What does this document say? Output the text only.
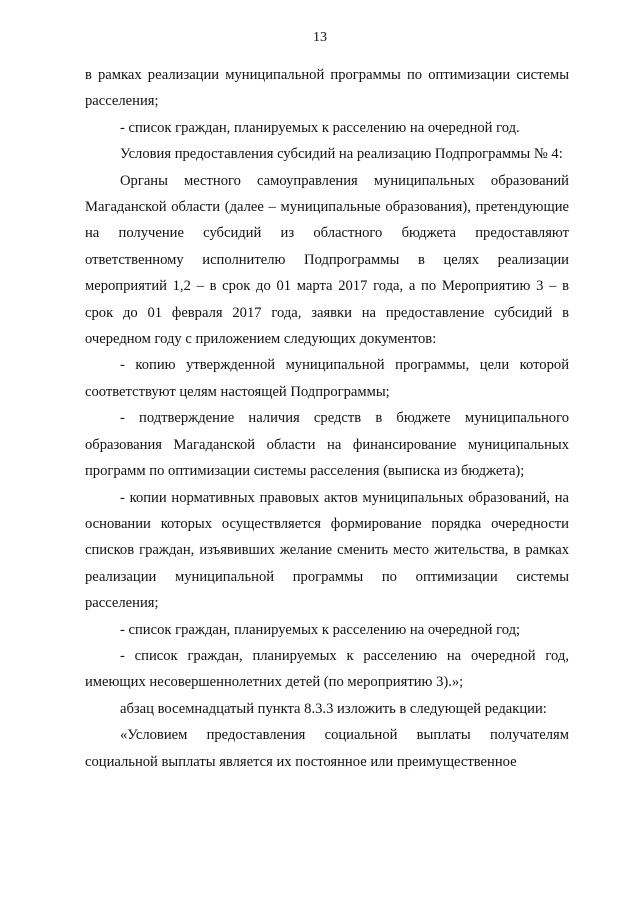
13

в рамках реализации муниципальной программы по оптимизации системы расселения;

- список граждан, планируемых к расселению на очередной год.

Условия предоставления субсидий на реализацию Подпрограммы № 4:

Органы местного самоуправления муниципальных образований Магаданской области (далее – муниципальные образования), претендующие на получение субсидий из областного бюджета предоставляют ответственному исполнителю Подпрограммы в целях реализации мероприятий 1,2 – в срок до 01 марта 2017 года, а по Мероприятию 3 – в срок до 01 февраля 2017 года, заявки на предоставление субсидий в очередном году с приложением следующих документов:

- копию утвержденной муниципальной программы, цели которой соответствуют целям настоящей Подпрограммы;

- подтверждение наличия средств в бюджете муниципального образования Магаданской области на финансирование муниципальных программ по оптимизации системы расселения (выписка из бюджета);

- копии нормативных правовых актов муниципальных образований, на основании которых осуществляется формирование порядка очередности списков граждан, изъявивших желание сменить место жительства, в рамках реализации муниципальной программы по оптимизации системы расселения;

- список граждан, планируемых к расселению на очередной год;

- список граждан, планируемых к расселению на очередной год, имеющих несовершеннолетних детей (по мероприятию 3).»;

абзац восемнадцатый пункта 8.3.3 изложить в следующей редакции:

«Условием предоставления социальной выплаты получателям социальной выплаты является их постоянное или преимущественное
